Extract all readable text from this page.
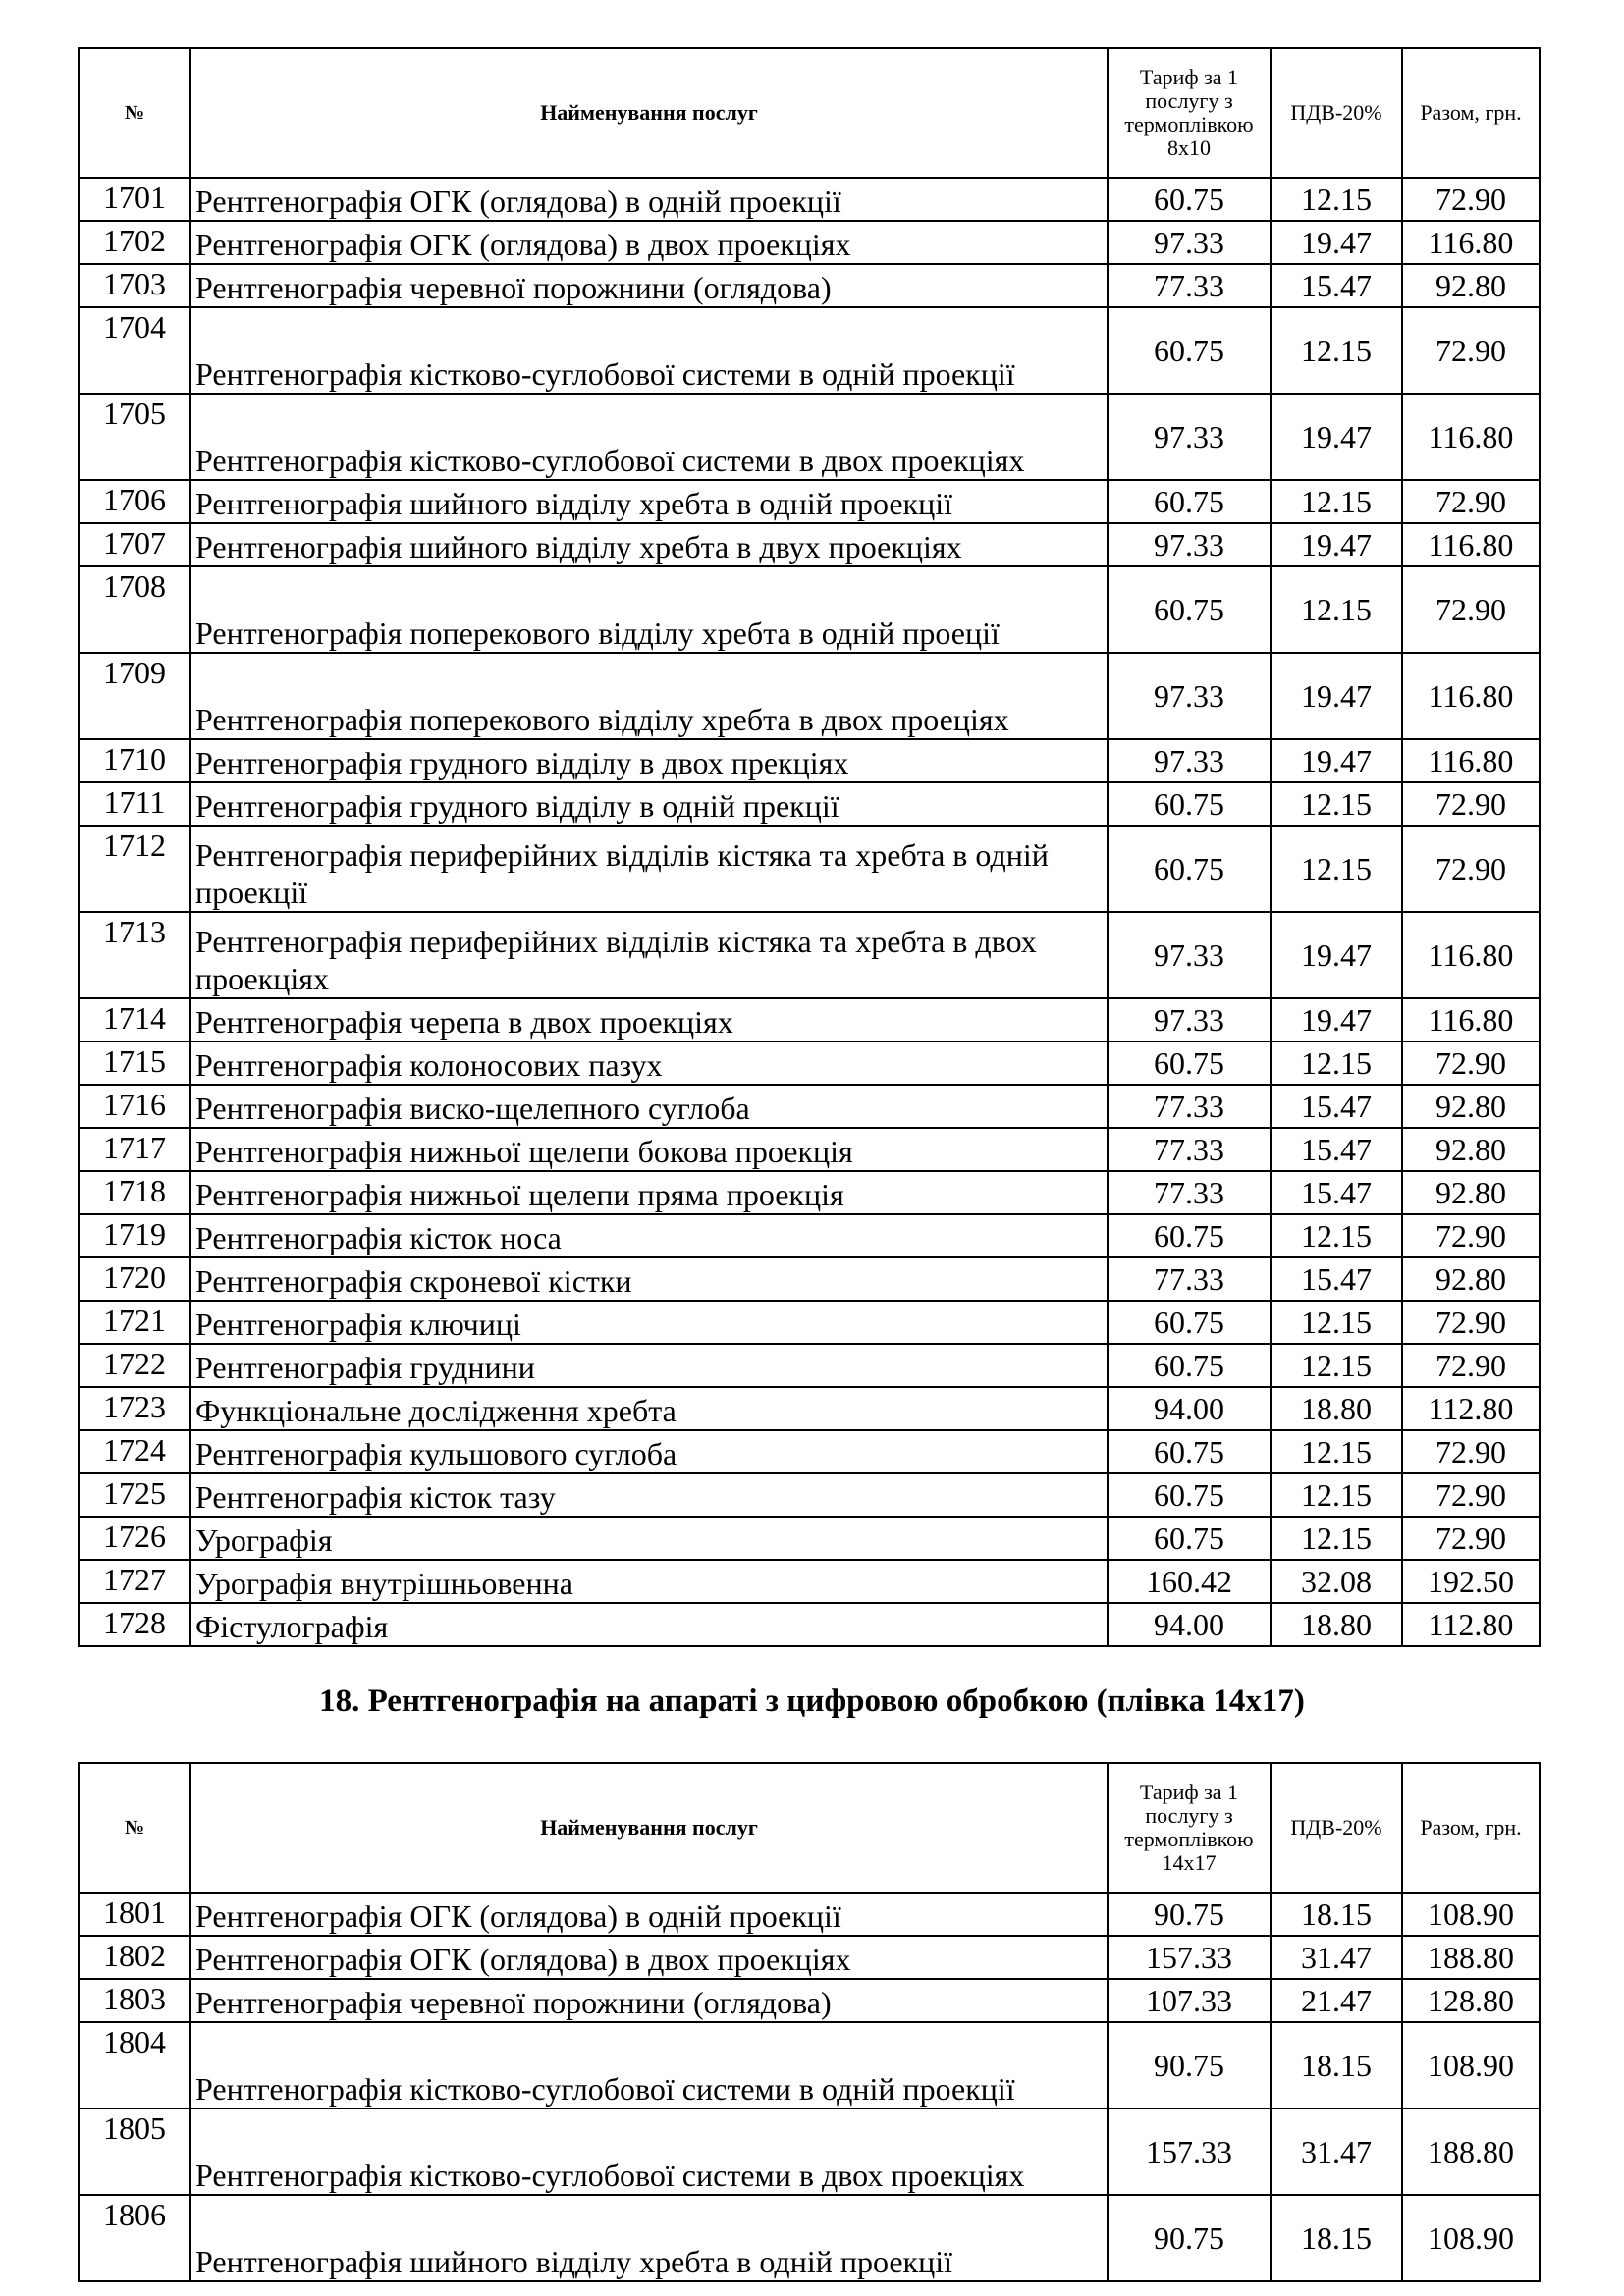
№	Найменування послуг	Тариф за 1 послугу з термоплівкою 8х10	ПДВ-20%	Разом, грн.
1701	Рентгенографія ОГК (оглядова) в одній проекції	60.75	12.15	72.90
1702	Рентгенографія ОГК (оглядова) в двох проекціях	97.33	19.47	116.80
1703	Рентгенографія черевної порожнини (оглядова)	77.33	15.47	92.80
1704	Рентгенографія кістково-суглобової системи в одній проекції	60.75	12.15	72.90
1705	Рентгенографія кістково-суглобової системи в двох проекціях	97.33	19.47	116.80
1706	Рентгенографія шийного відділу хребта в одній проекції	60.75	12.15	72.90
1707	Рентгенографія шийного відділу хребта в двух проекціях	97.33	19.47	116.80
1708	Рентгенографія поперекового відділу хребта в одній проеції	60.75	12.15	72.90
1709	Рентгенографія поперекового відділу хребта в двох проеціях	97.33	19.47	116.80
1710	Рентгенографія грудного відділу в двох прекціях	97.33	19.47	116.80
1711	Рентгенографія грудного відділу в одній прекції	60.75	12.15	72.90
1712	Рентгенографія периферійних відділів кістяка та хребта в одній проекції	60.75	12.15	72.90
1713	Рентгенографія периферійних відділів кістяка та хребта в двох проекціях	97.33	19.47	116.80
1714	Рентгенографія черепа в двох проекціях	97.33	19.47	116.80
1715	Рентгенографія колоносових пазух	60.75	12.15	72.90
1716	Рентгенографія виско-щелепного суглоба	77.33	15.47	92.80
1717	Рентгенографія нижньої щелепи бокова проекція	77.33	15.47	92.80
1718	Рентгенографія нижньої щелепи пряма проекція	77.33	15.47	92.80
1719	Рентгенографія кісток носа	60.75	12.15	72.90
1720	Рентгенографія скроневої кістки	77.33	15.47	92.80
1721	Рентгенографія ключиці	60.75	12.15	72.90
1722	Рентгенографія груднини	60.75	12.15	72.90
1723	Функціональне дослідження хребта	94.00	18.80	112.80
1724	Рентгенографія кульшового суглоба	60.75	12.15	72.90
1725	Рентгенографія кісток тазу	60.75	12.15	72.90
1726	Урографія	60.75	12.15	72.90
1727	Урографія внутрішньовенна	160.42	32.08	192.50
1728	Фістулографія	94.00	18.80	112.80
18. Рентгенографія на апараті з цифровою обробкою (плівка 14х17)
№	Найменування послуг	Тариф за 1 послугу з термоплівкою 14х17	ПДВ-20%	Разом, грн.
1801	Рентгенографія ОГК (оглядова) в одній проекції	90.75	18.15	108.90
1802	Рентгенографія ОГК (оглядова) в двох проекціях	157.33	31.47	188.80
1803	Рентгенографія черевної порожнини (оглядова)	107.33	21.47	128.80
1804	Рентгенографія кістково-суглобової системи в одній проекції	90.75	18.15	108.90
1805	Рентгенографія кістково-суглобової системи в двох проекціях	157.33	31.47	188.80
1806	Рентгенографія шийного відділу хребта в одній проекції	90.75	18.15	108.90
